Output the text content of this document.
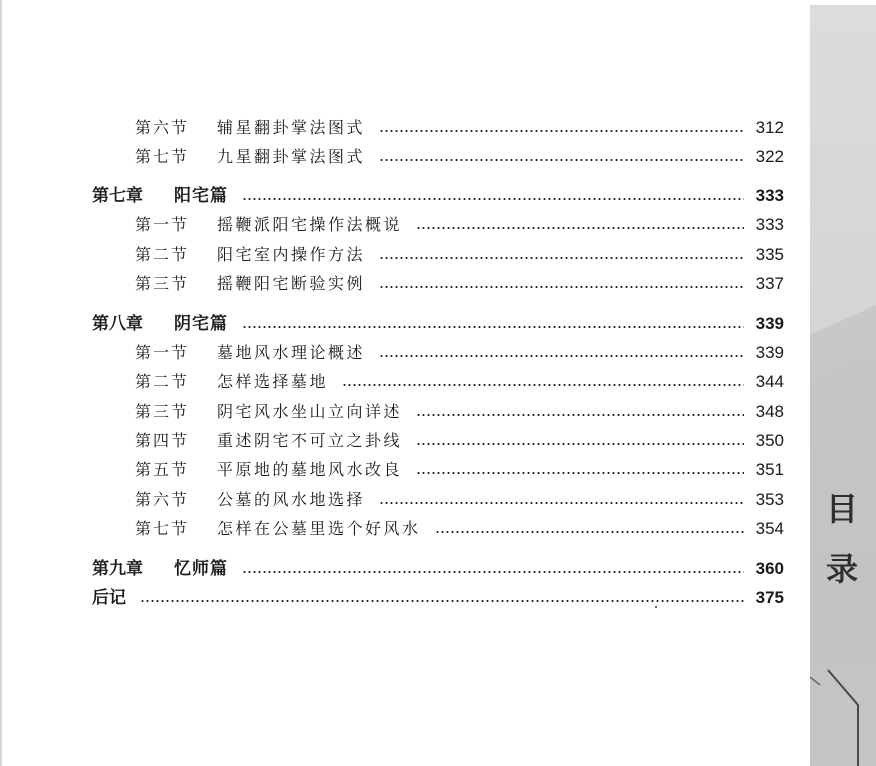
第六节	辅星翻卦掌法图式	312
第七节	九星翻卦掌法图式	322
第七章	阳宅篇	333
第一节	摇鞭派阳宅操作法概说	333
第二节	阳宅室内操作方法	335
第三节	摇鞭阳宅断验实例	337
第八章	阴宅篇	339
第一节	墓地风水理论概述	339
第二节	怎样选择墓地	344
第三节	阴宅风水坐山立向详述	348
第四节	重述阴宅不可立之卦线	350
第五节	平原地的墓地风水改良	351
第六节	公墓的风水地选择	353
第七节	怎样在公墓里选个好风水	354
第九章	忆师篇	360
后记	375
目
录
